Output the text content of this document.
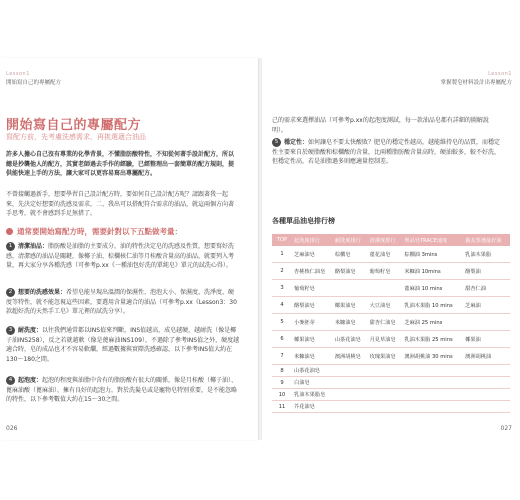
Lesson1
開始寫自己的專屬配方
開始寫自己的專屬配方
寫配方前，先考慮洗感需求，再挑選適合油品
許多人擔心自己沒有專業的化學背景，不懂脂肪酸特性，不知從何著手設計配方，所以總是抄襲他人的配方，其實老師過去手作的經驗，已經整理出一套簡單的配方規則，提供能快速上手的方法，讓大家可以更容易寫出專屬配方。
不曾接觸過新手，想要學習自己設計配方時，要如何自己設計配方呢？請跟著我一起來，先決定好想要的洗感及需求，二、我出可以搭配符合需求的油品，就這兩個方向著手思考，就不會感到手足無措了。
通常要開始寫配方時，需要針對以下五點做考量：
1 清潔油品：脂肪酸是油脂的主要成分，油的特性決定皂的洗感及性質，想要寫好洗感，清潔感的油品是關鍵，像椰子油、棕櫚核仁油等月桂酸含量高的油品，就要列入考量，再大家分享各種洗感（可參考p.xx《一種油包好洗的單純皂》單元的試洗心得）。
2 想要的洗感效果：希望皂能呈現出溫潤的保濕性、泡泡大小、保濕度、洗淨度、硬度等特性，就不能忽視這些因素，要選用含量適合的油品（可參考p.xx《Lesson3：30款超好洗的天然手工皂》單元裡的試洗分享）。
3 耐洗度：以往我們通常都以INS值來判斷，INS值越高，成皂越硬，越耐洗（像是椰子油INS258），反之若就越軟（像是蓖麻油INS109），不過除了參考INS值之外，硬度越適合時，皂的成品也才不容易軟爛，經過數據與實際洗感確認，以下參考INS值大約在130～180之間。
4 起泡度：起泡的程度與油脂中含有的脂肪酸有很大的關係，像是月桂酸（椰子油）、蓖麻油酸（蓖麻油），擁有良好的起泡力，對於洗髮皂或是寵物皂特別重要，是不能忽略的特性，以下參考數值大約在15～30之間。
026
Lesson1
掌握製皂材料設計出專屬配方
己的需求來選擇油品（可參考p.xx的起泡度測試，每一款油品皂都有詳細的圖解說明）。
5 穩定性：如何讓皂不要太快酸敗？肥皂的穩定性越高，越能維持皂的品質，而穩定性主要來自於硬脂酸和棕櫚酸的含量，比兩種脂肪酸含量高時，硬油較多，較不好洗，但穩定性高，若是油脂過多則應適量控制差。
各種單品油皂排行榜
TOP	起泡度排行	耐洗度排行	清潔度排行	單品皂TRACE速度	親友票選最好油
1	芝麻油皂	棕櫚皂	蓖花油皂	棕櫚油 3mins	乳油木果脂
2	杏桃核仁油皂	酪梨油皂	葡萄籽皂	米糠油 10mins	酪梨油
3	葡萄籽皂			蓖麻油 10 mins	甜杏仁油
4	酪梨油皂	椰果油皂	大豆油皂	乳油木果脂 10 mins	芝麻油
5	小麥胚芽	米糠油皂	甜杏仁油皂	芝麻油 25 mins	
6	椰果油皂	山茶花油皂	月見草油皂	乳油木果脂 25 mins	椰果油
7	米糠油皂	澳洲胡桃皂	玫瑰果油皂	澳洲胡桃油 30 mins	澳洲胡桃油
8	山茶花油皂				
9	白油皂				
10	乳油木果脂皂				
11	芥花油皂				
027
